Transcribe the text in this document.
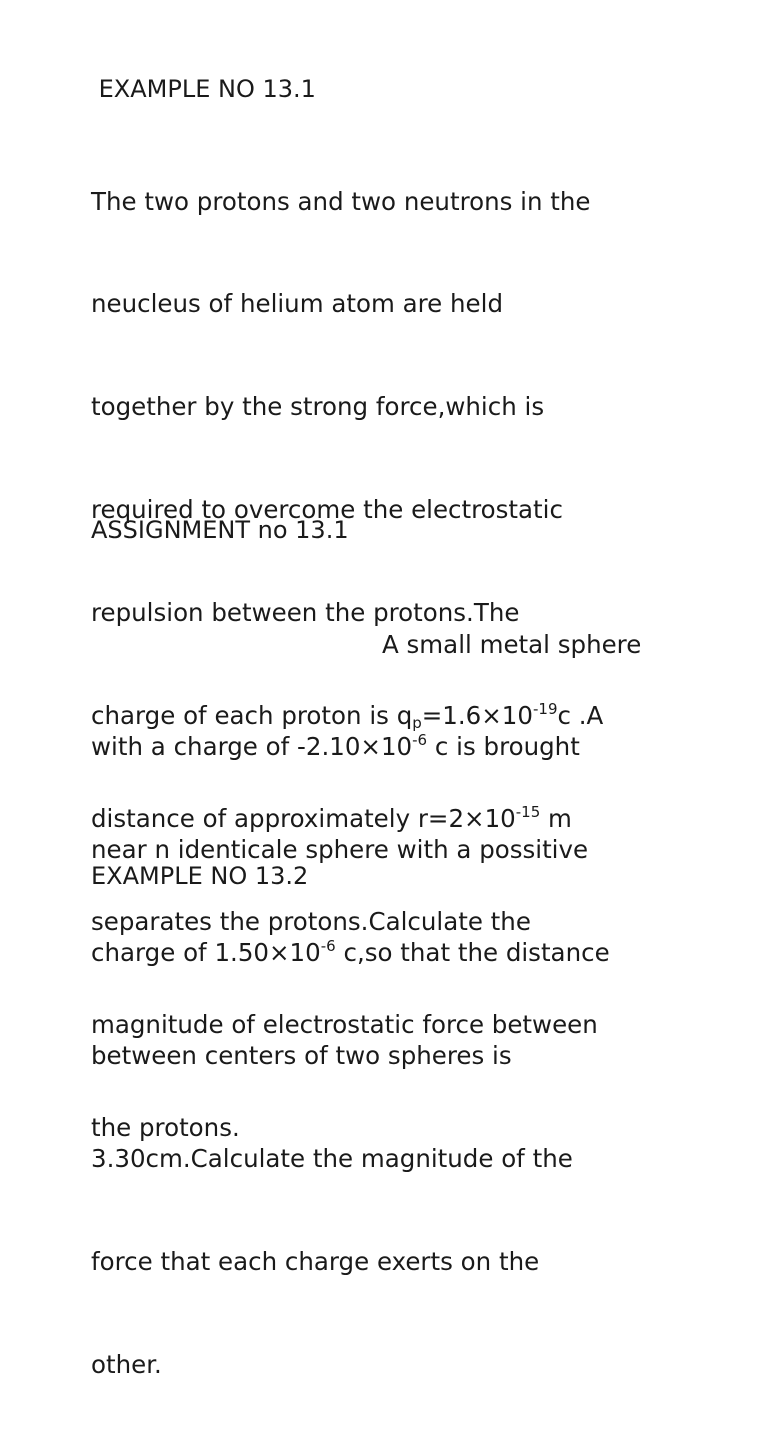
EXAMPLE NO 13.1

The two protons and two neutrons in the

neucleus of helium atom are held

together by the strong force,which is

required to overcome the electrostatic

repulsion between the protons.The

charge of each proton is $q_p=1.6\times 10^{-19}c$ .A

distance of approximately $r=2\times 10^{-15}$ m

separates the protons.Calculate the

magnitude of electrostatic force between

the protons.

ASSIGNMENT no 13.1

A small metal sphere

with a charge of $-2.10\times 10^{-6}$ c is brought

near n identicale sphere with a possitive

charge of $1.50\times 10^{-6}$ c,so that the distance

between centers of two spheres is

3.30cm.Calculate the magnitude of the

force that each charge exerts on the

other.

EXAMPLE NO 13.2
